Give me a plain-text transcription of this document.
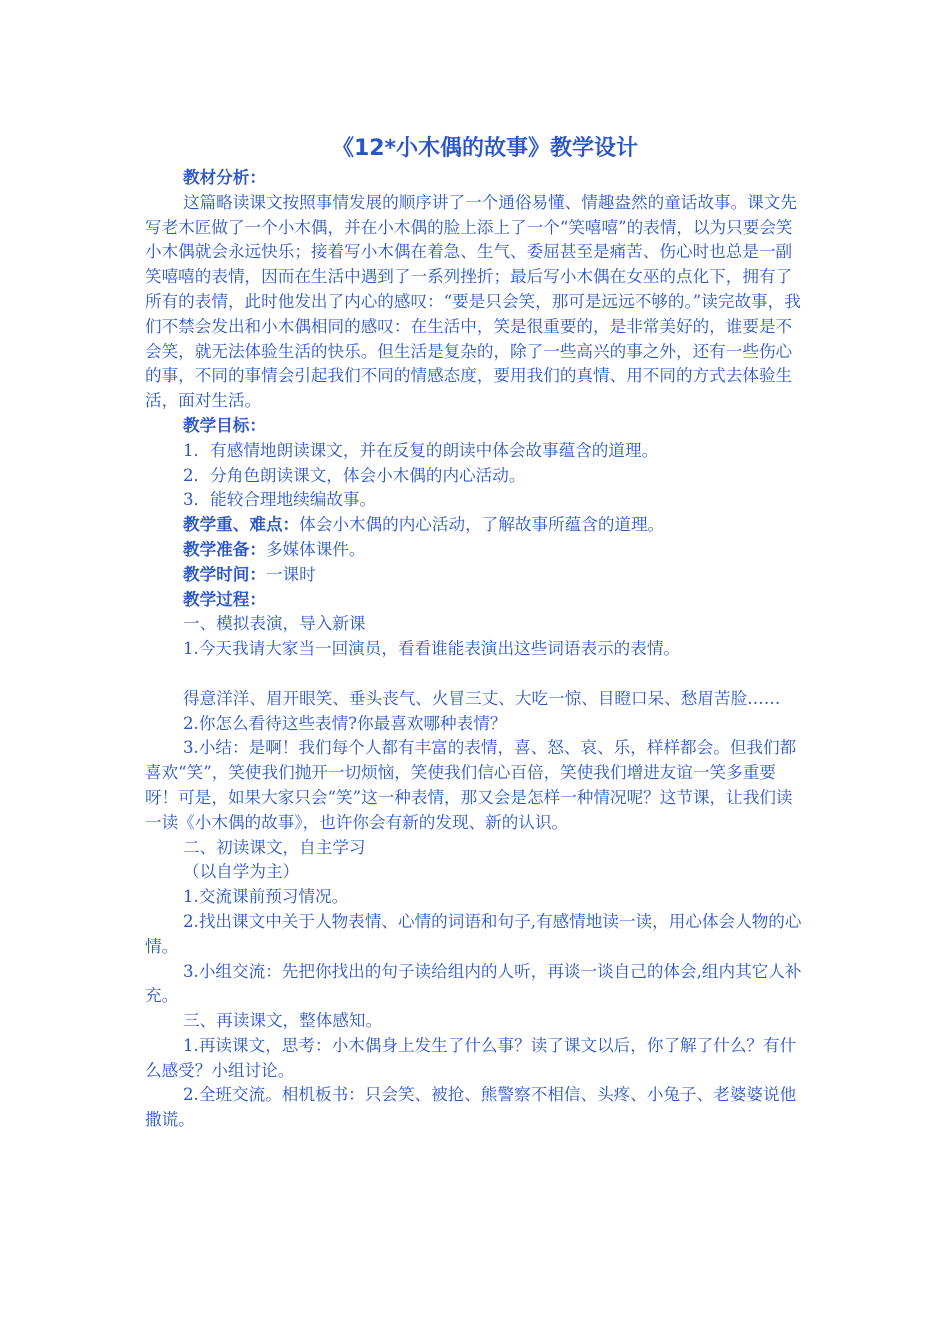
《12*小木偶的故事》教学设计

教材分析：

这篇略读课文按照事情发展的顺序讲了一个通俗易懂、情趣盎然的童话故事。课文先写老木匠做了一个小木偶，并在小木偶的脸上添上了一个“笑嘻嘻”的表情，以为只要会笑小木偶就会永远快乐；接着写小木偶在着急、生气、委屈甚至是痛苦、伤心时也总是一副笑嘻嘻的表情，因而在生活中遇到了一系列挫折；最后写小木偶在女巫的点化下，拥有了所有的表情，此时他发出了内心的感叹：“要是只会笑，那可是远远不够的。”读完故事，我们不禁会发出和小木偶相同的感叹：在生活中，笑是很重要的，是非常美好的，谁要是不会笑，就无法体验生活的快乐。但生活是复杂的，除了一些高兴的事之外，还有一些伤心的事，不同的事情会引起我们不同的情感态度，要用我们的真情、用不同的方式去体验生活，面对生活。

教学目标：

1．有感情地朗读课文，并在反复的朗读中体会故事蕴含的道理。

2．分角色朗读课文，体会小木偶的内心活动。

3．能较合理地续编故事。

教学重、难点：体会小木偶的内心活动，了解故事所蕴含的道理。

教学准备：多媒体课件。

教学时间：一课时

教学过程：

一、模拟表演，导入新课

1.今天我请大家当一回演员，看看谁能表演出这些词语表示的表情。

得意洋洋、眉开眼笑、垂头丧气、火冒三丈、大吃一惊、目瞪口呆、愁眉苦脸……

2.你怎么看待这些表情?你最喜欢哪种表情？

3.小结：是啊！我们每个人都有丰富的表情，喜、怒、哀、乐，样样都会。但我们都喜欢“笑”，笑使我们抛开一切烦恼，笑使我们信心百倍，笑使我们增进友谊一笑多重要呀！可是，如果大家只会“笑”这一种表情，那又会是怎样一种情况呢？这节课，让我们读一读《小木偶的故事》，也许你会有新的发现、新的认识。

二、初读课文，自主学习

（以自学为主）

1.交流课前预习情况。

2.找出课文中关于人物表情、心情的词语和句子,有感情地读一读，用心体会人物的心情。

3.小组交流：先把你找出的句子读给组内的人听，再谈一谈自己的体会,组内其它人补充。

三、再读课文，整体感知。

1.再读课文，思考：小木偶身上发生了什么事？读了课文以后，你了解了什么？有什么感受？小组讨论。

2.全班交流。相机板书：只会笑、被抢、熊警察不相信、头疼、小兔子、老婆婆说他撒谎。
